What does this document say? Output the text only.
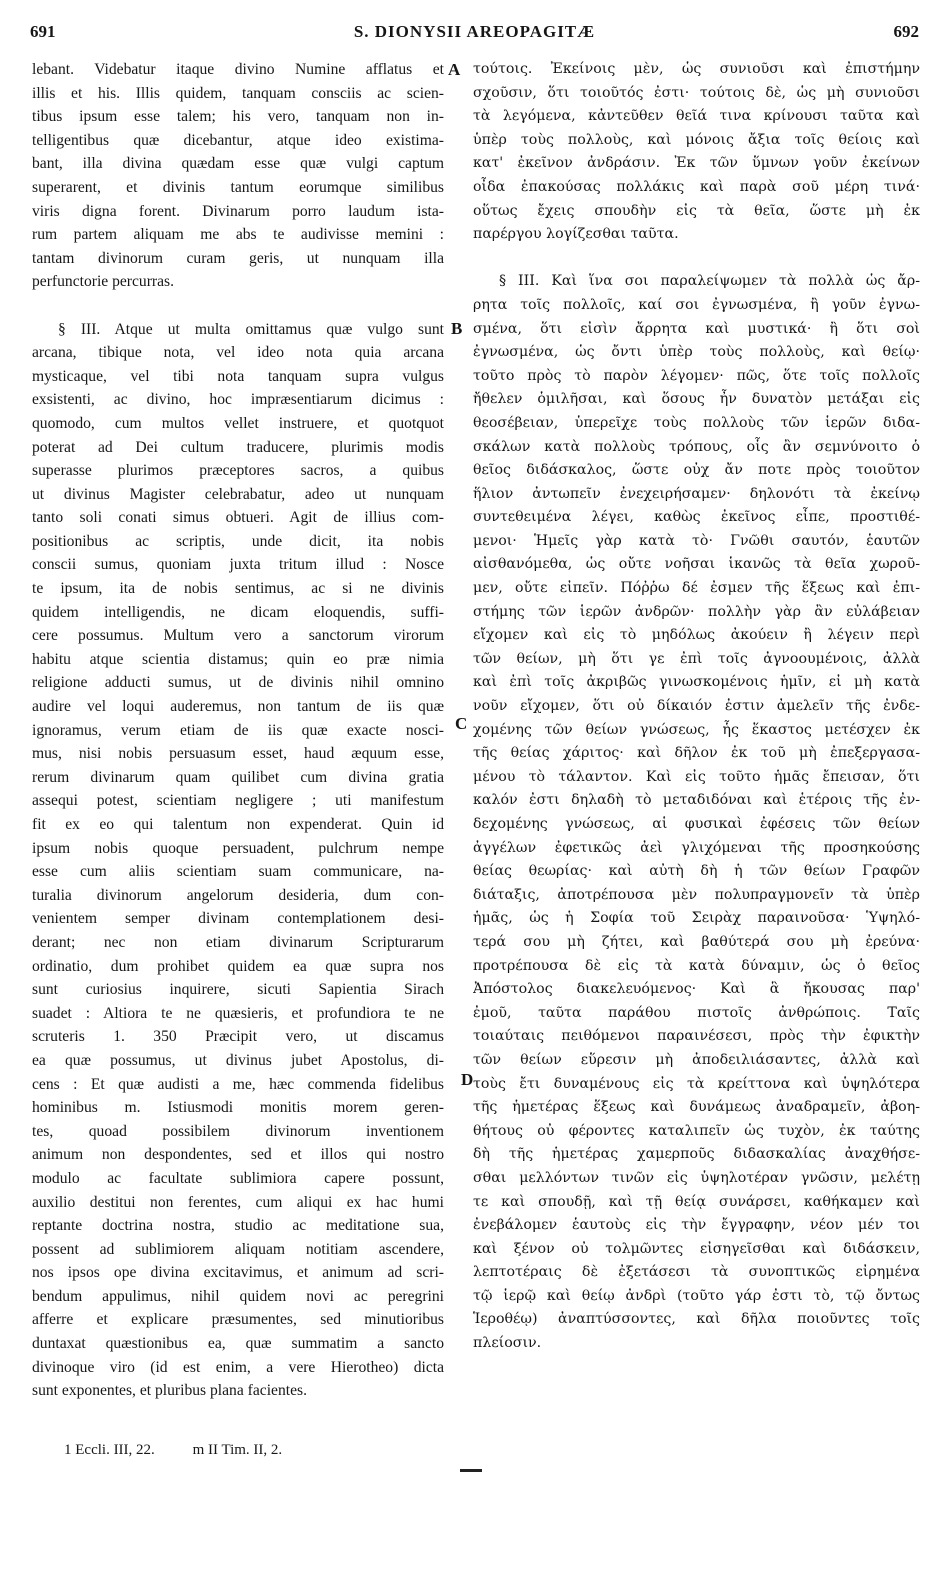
691	S. DIONYSII AREOPAGITÆ	692
lebant. Videbatur itaque divino Numine afflatus et
illis et his. Illis quidem, tanquam consciis ac scien-
tibus ipsum esse talem; his vero, tanquam non in-
telligentibus quæ dicebantur, atque ideo existima-
bant, illa divina quædam esse quæ vulgi captum
superarent, et divinis tantum eorumque similibus
viris digna forent. Divinarum porro laudum ista-
rum partem aliquam me abs te audivisse memini :
tantam divinorum curam geris, ut nunquam illa
perfunctorie percurras.
§ III. Atque ut multa omittamus quæ vulgo sunt
arcana, tibique nota, vel ideo nota quia arcana
mysticaque, vel tibi nota tanquam supra vulgus
exsistenti, ac divino, hoc impræsentiarum dicimus :
quomodo, cum multos vellet instruere, et quotquot
poterat ad Dei cultum traducere, plurimis modis
superasse plurimos præceptores sacros, a quibus
ut divinus Magister celebrabatur, adeo ut nunquam
tanto soli conati simus obtueri. Agit de illius com-
positionibus ac scriptis, unde dicit, ita nobis
conscii sumus, quoniam juxta tritum illud : Nosce
te ipsum, ita de nobis sentimus, ac si ne divinis
quidem intelligendis, ne dicam eloquendis, suffi-
cere possumus. Multum vero a sanctorum virorum
habitu atque scientia distamus; quin eo præ nimia
religione adducti sumus, ut de divinis nihil omnino
audire vel loqui auderemus, non tantum de iis quæ
ignoramus, verum etiam de iis quæ exacte nosci-
mus, nisi nobis persuasum esset, haud æquum esse,
rerum divinarum quam quilibet cum divina gratia
assequi potest, scientiam negligere ; uti manifestum
fit ex eo qui talentum non expenderat. Quin id
ipsum nobis quoque persuadent, pulchrum nempe
esse cum aliis scientiam suam communicare, na-
turalia divinorum angelorum desideria, dum con-
venientem semper divinam contemplationem desi-
derant; nec non etiam divinarum Scripturarum
ordinatio, dum prohibet quidem ea quæ supra nos
sunt curiosius inquirere, sicuti Sapientia Sirach
suadet : Altiora te ne quæsieris, et profundiora te ne
scruteris 1. 350 Præcipit vero, ut discamus
ea quæ possumus, ut divinus jubet Apostolus, di-
cens : Et quæ audisti a me, hæc commenda fidelibus
hominibus m. Istiusmodi monitis morem geren-
tes, quoad possibilem divinorum inventionem
animum non despondentes, sed et illos qui nostro
modulo ac facultate sublimiora capere possunt,
auxilio destitui non ferentes, cum aliqui ex hac humi
reptante doctrina nostra, studio ac meditatione sua,
possent ad sublimiorem aliquam notitiam ascendere,
nos ipsos ope divina excitavimus, et animum ad scri-
bendum appulimus, nihil quidem novi ac peregrini
afferre et explicare præsumentes, sed minutioribus
duntaxat quæstionibus ea, quæ summatim a sancto
divinoque viro (id est enim, a vere Hierotheo) dicta
sunt exponentes, et pluribus plana facientes.
τούτοις. Ἐκείνοις μὲν, ὡς συνιοῦσι καὶ ἐπιστήμην
σχοῦσιν, ὅτι τοιοῦτός ἐστι· τούτοις δὲ, ὡς μὴ συνιοῦσι
τὰ λεγόμενα, κἀντεῦθεν θεῖά τινα κρίνουσι ταῦτα καὶ
ὑπὲρ τοὺς πολλοὺς, καὶ μόνοις ἄξια τοῖς θείοις καὶ
κατ' ἐκεῖνον ἀνδράσιν. Ἐκ τῶν ὕμνων γοῦν ἐκείνων
οἶδα ἐπακούσας πολλάκις καὶ παρὰ σοῦ μέρη τινά·
οὕτως ἔχεις σπουδὴν εἰς τὰ θεῖα, ὥστε μὴ ἐκ
παρέργου λογίζεσθαι ταῦτα.
§ III. Καὶ ἵνα σοι παραλείψωμεν τὰ πολλὰ ὡς ἄρ-
ρητα τοῖς πολλοῖς, καί σοι ἐγνωσμένα, ἢ γοῦν ἐγνω-
σμένα, ὅτι εἰσὶν ἄρρητα καὶ μυστικά· ἢ ὅτι σοὶ
ἐγνωσμένα, ὡς ὄντι ὑπὲρ τοὺς πολλοὺς, καὶ θείῳ·
τοῦτο πρὸς τὸ παρὸν λέγομεν· πῶς, ὅτε τοῖς πολλοῖς
ἤθελεν ὁμιλῆσαι, καὶ ὅσους ἦν δυνατὸν μετάξαι εἰς
θεοσέβειαν, ὑπερεῖχε τοὺς πολλοὺς τῶν ἱερῶν διδα-
σκάλων κατὰ πολλοὺς τρόπους, οἷς ἂν σεμνύνοιτο ὁ
θεῖος διδάσκαλος, ὥστε οὐχ ἄν ποτε πρὸς τοιοῦτον
ἥλιον ἀντωπεῖν ἐνεχειρήσαμεν· δηλονότι τὰ ἐκείνῳ
συντεθειμένα λέγει, καθὼς ἐκεῖνος εἶπε, προστιθέ-
μενοι· Ἡμεῖς γὰρ κατὰ τὸ· Γνῶθι σαυτόν, ἑαυτῶν
αἰσθανόμεθα, ὡς οὔτε νοῆσαι ἱκανῶς τὰ θεῖα χωροῦ-
μεν, οὔτε εἰπεῖν. Πόῤῥω δέ ἐσμεν τῆς ἕξεως καὶ ἐπι-
στήμης τῶν ἱερῶν ἀνδρῶν· πολλὴν γὰρ ἂν εὐλάβειαν
εἴχομεν καὶ εἰς τὸ μηδόλως ἀκούειν ἢ λέγειν περὶ
τῶν θείων, μὴ ὅτι γε ἐπὶ τοῖς ἀγνοουμένοις, ἀλλὰ
καὶ ἐπὶ τοῖς ἀκριβῶς γινωσκομένοις ἡμῖν, εἰ μὴ κατὰ
νοῦν εἴχομεν, ὅτι οὐ δίκαιόν ἐστιν ἀμελεῖν τῆς ἐνδε-
χομένης τῶν θείων γνώσεως, ἧς ἕκαστος μετέσχεν ἐκ
τῆς θείας χάριτος· καὶ δῆλον ἐκ τοῦ μὴ ἐπεξεργασα-
μένου τὸ τάλαντον. Καὶ εἰς τοῦτο ἡμᾶς ἔπεισαν, ὅτι
καλόν ἐστι δηλαδὴ τὸ μεταδιδόναι καὶ ἑτέροις τῆς ἐν-
δεχομένης γνώσεως, αἱ φυσικαὶ ἐφέσεις τῶν θείων
ἀγγέλων ἐφετικῶς ἀεὶ γλιχόμεναι τῆς προσηκούσης
θείας θεωρίας· καὶ αὐτὴ δὴ ἡ τῶν θείων Γραφῶν
διάταξις, ἀποτρέπουσα μὲν πολυπραγμονεῖν τὰ ὑπὲρ
ἡμᾶς, ὡς ἡ Σοφία τοῦ Σειρὰχ παραινοῦσα· Ὑψηλό-
τερά σου μὴ ζήτει, καὶ βαθύτερά σου μὴ ἐρεύνα·
προτρέπουσα δὲ εἰς τὰ κατὰ δύναμιν, ὡς ὁ θεῖος
Ἀπόστολος διακελευόμενος· Καὶ ἃ ἤκουσας παρ'
ἐμοῦ, ταῦτα παράθου πιστοῖς ἀνθρώποις. Ταῖς
τοιαύταις πειθόμενοι παραινέσεσι, πρὸς τὴν ἐφικτὴν
τῶν θείων εὕρεσιν μὴ ἀποδειλιάσαντες, ἀλλὰ καὶ
τοὺς ἔτι δυναμένους εἰς τὰ κρείττονα καὶ ὑψηλότερα
τῆς ἡμετέρας ἕξεως καὶ δυνάμεως ἀναδραμεῖν, ἀβοη-
θήτους οὐ φέροντες καταλιπεῖν ὡς τυχὸν, ἐκ ταύτης
δὴ τῆς ἡμετέρας χαμερποῦς διδασκαλίας ἀναχθήσε-
σθαι μελλόντων τινῶν εἰς ὑψηλοτέραν γνῶσιν, μελέτῃ
τε καὶ σπουδῇ, καὶ τῇ θείᾳ συνάρσει, καθήκαμεν καὶ
ἐνεβάλομεν ἑαυτοὺς εἰς τὴν ἔγγραφην, νέον μέν τοι
καὶ ξένον οὐ τολμῶντες εἰσηγεῖσθαι καὶ διδάσκειν,
λεπτοτέραις δὲ ἐξετάσεσι τὰ συνοπτικῶς εἰρημένα
τῷ ἱερῷ καὶ θείῳ ἀνδρὶ (τοῦτο γάρ ἐστι τὸ, τῷ ὄντως
Ἱεροθέῳ) ἀναπτύσσοντες, καὶ δῆλα ποιοῦντες τοῖς
πλείοσιν.
A
B
C
D
1 Eccli. III, 22.	m II Tim. II, 2.
